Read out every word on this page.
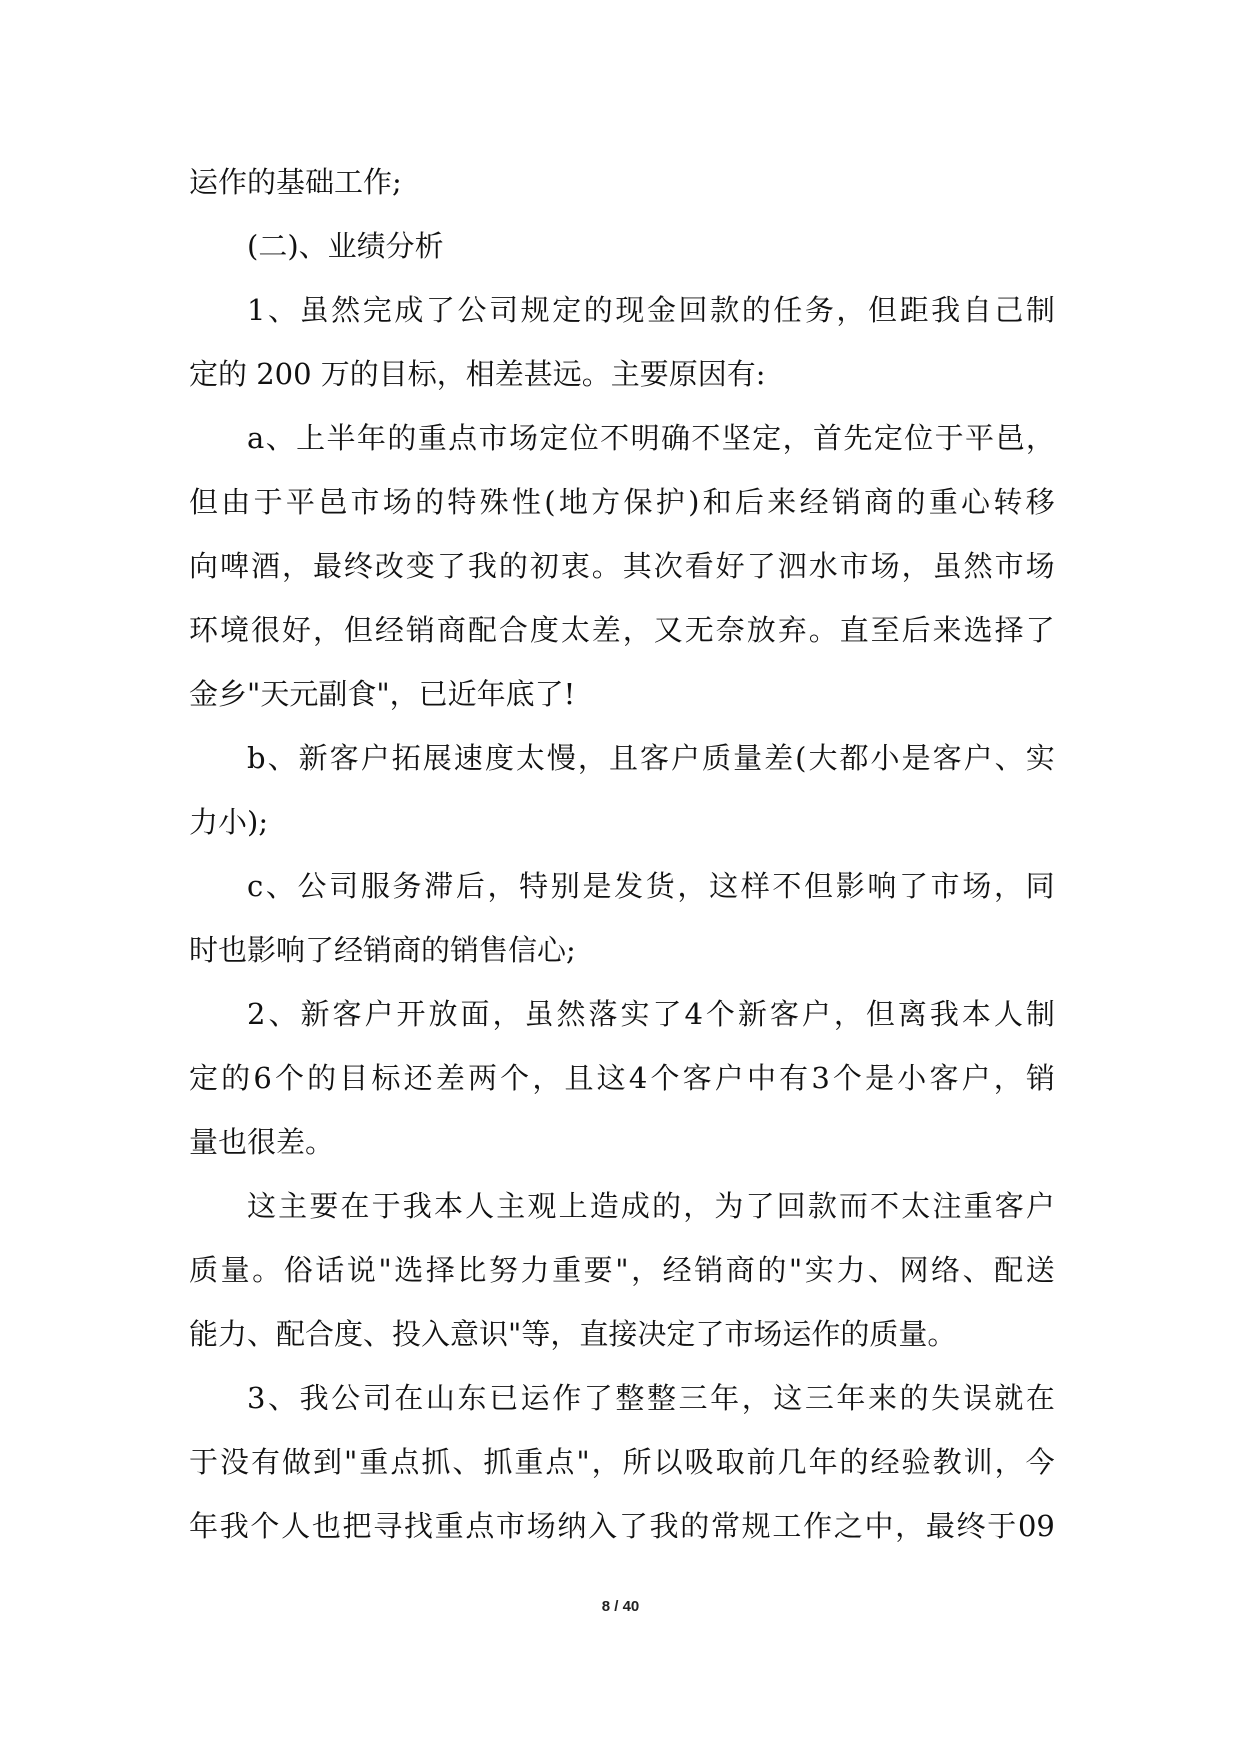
运作的基础工作;
(二)、业绩分析
1 、 虽 然 完 成 了 公 司 规 定 的 现 金 回 款 的 任 务 ， 但 距 我 自 己 制
定的 200 万的目标，相差甚远。主要原因有:
a 、 上 半 年 的 重 点 市 场 定 位 不 明 确 不 坚 定 ， 首 先 定 位 于 平 邑 ，
但 由 于 平 邑 市 场 的 特 殊 性 ( 地 方 保 护 ) 和 后 来 经 销 商 的 重 心 转 移
向 啤 酒 ， 最 终 改 变 了 我 的 初 衷 。 其 次 看 好 了 泗 水 市 场 ， 虽 然 市 场
环 境 很 好 ， 但 经 销 商 配 合 度 太 差 ， 又 无 奈 放 弃 。 直 至 后 来 选 择 了
金乡"天元副食"，已近年底了!
b 、 新 客 户 拓 展 速 度 太 慢 ， 且 客 户 质 量 差 ( 大 都 小 是 客 户 、 实
力小);
c 、 公 司 服 务 滞 后 ， 特 别 是 发 货 ， 这 样 不 但 影 响 了 市 场 ， 同
时也影响了经销商的销售信心;
2 、 新 客 户 开 放 面 ， 虽 然 落 实 了 4 个 新 客 户 ， 但 离 我 本 人 制
定 的 6 个 的 目 标 还 差 两 个 ， 且 这 4 个 客 户 中 有 3 个 是 小 客 户 ， 销
量也很差。
这 主 要 在 于 我 本 人 主 观 上 造 成 的 ， 为 了 回 款 而 不 太 注 重 客 户
质 量 。 俗 话 说 " 选 择 比 努 力 重 要 " ， 经 销 商 的 " 实 力 、 网 络 、 配 送
能力、配合度、投入意识"等，直接决定了市场运作的质量。
3 、 我 公 司 在 山 东 已 运 作 了 整 整 三 年 ， 这 三 年 来 的 失 误 就 在
于 没 有 做 到 " 重 点 抓 、 抓 重 点 " ， 所 以 吸 取 前 几 年 的 经 验 教 训 ， 今
年 我 个 人 也 把 寻 找 重 点 市 场 纳 入 了 我 的 常 规 工 作 之 中 ， 最 终 于 09
8 / 40
